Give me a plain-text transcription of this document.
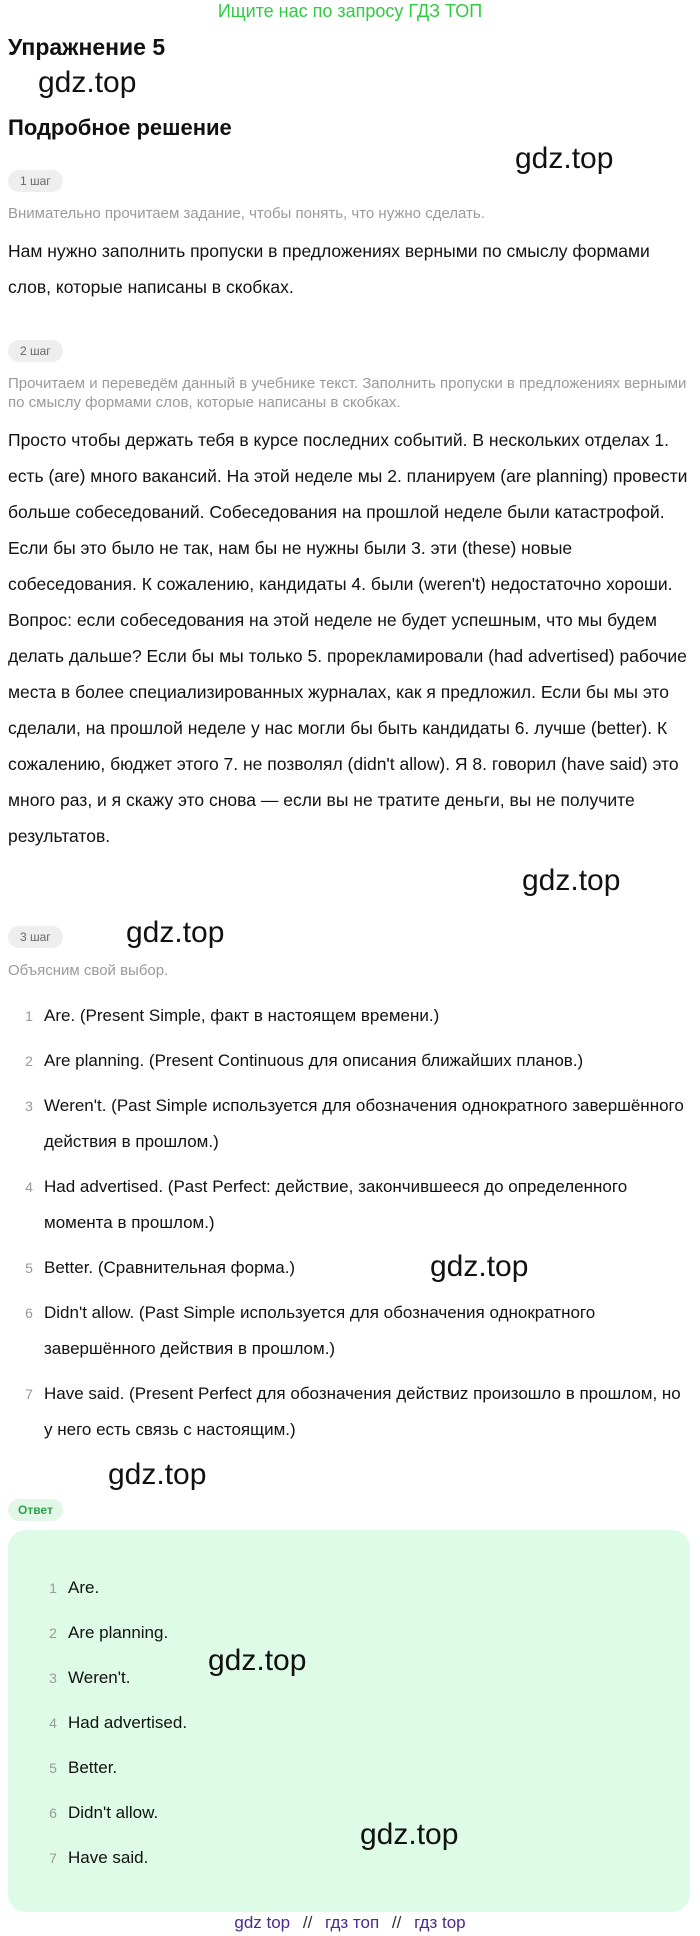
Ищите нас по запросу ГДЗ ТОП
Упражнение 5
gdz.top
Подробное решение
gdz.top
1 шаг
Внимательно прочитаем задание, чтобы понять, что нужно сделать.
Нам нужно заполнить пропуски в предложениях верными по смыслу формами слов, которые написаны в скобках.
2 шаг
Прочитаем и переведём данный в учебнике текст. Заполнить пропуски в предложениях верными по смыслу формами слов, которые написаны в скобках.
Просто чтобы держать тебя в курсе последних событий. В нескольких отделах 1. есть (are) много вакансий. На этой неделе мы 2. планируем (are planning) провести больше собеседований. Собеседования на прошлой неделе были катастрофой. Если бы это было не так, нам бы не нужны были 3. эти (these) новые собеседования. К сожалению, кандидаты 4. были (weren't) недостаточно хороши. Вопрос: если собеседования на этой неделе не будет успешным, что мы будем делать дальше? Если бы мы только 5. прорекламировали (had advertised) рабочие места в более специализированных журналах, как я предложил. Если бы мы это сделали, на прошлой неделе у нас могли бы быть кандидаты 6. лучше (better). К сожалению, бюджет этого 7. не позволял (didn't allow). Я 8. говорил (have said) это много раз, и я скажу это снова — если вы не тратите деньги, вы не получите результатов.
gdz.top
3 шаг	gdz.top
Объясним свой выбор.
1 Are. (Present Simple, факт в настоящем времени.)
2 Are planning. (Present Continuous для описания ближайших планов.)
3 Weren't. (Past Simple используется для обозначения однократного завершённого действия в прошлом.)
4 Had advertised. (Past Perfect: действие, закончившееся до определенного момента в прошлом.)
5 Better. (Сравнительная форма.)
6 Didn't allow. (Past Simple используется для обозначения однократного завершённого действия в прошлом.)
7 Have said. (Present Perfect для обозначения действиz произошло в прошлом, но у него есть связь с настоящим.)
gdz.top
gdz.top
Ответ
1 Are.
2 Are planning.
3 Weren't.
4 Had advertised.
5 Better.
6 Didn't allow.
7 Have said.
gdz.top
gdz.top
gdz top // гдз топ // гдз top
